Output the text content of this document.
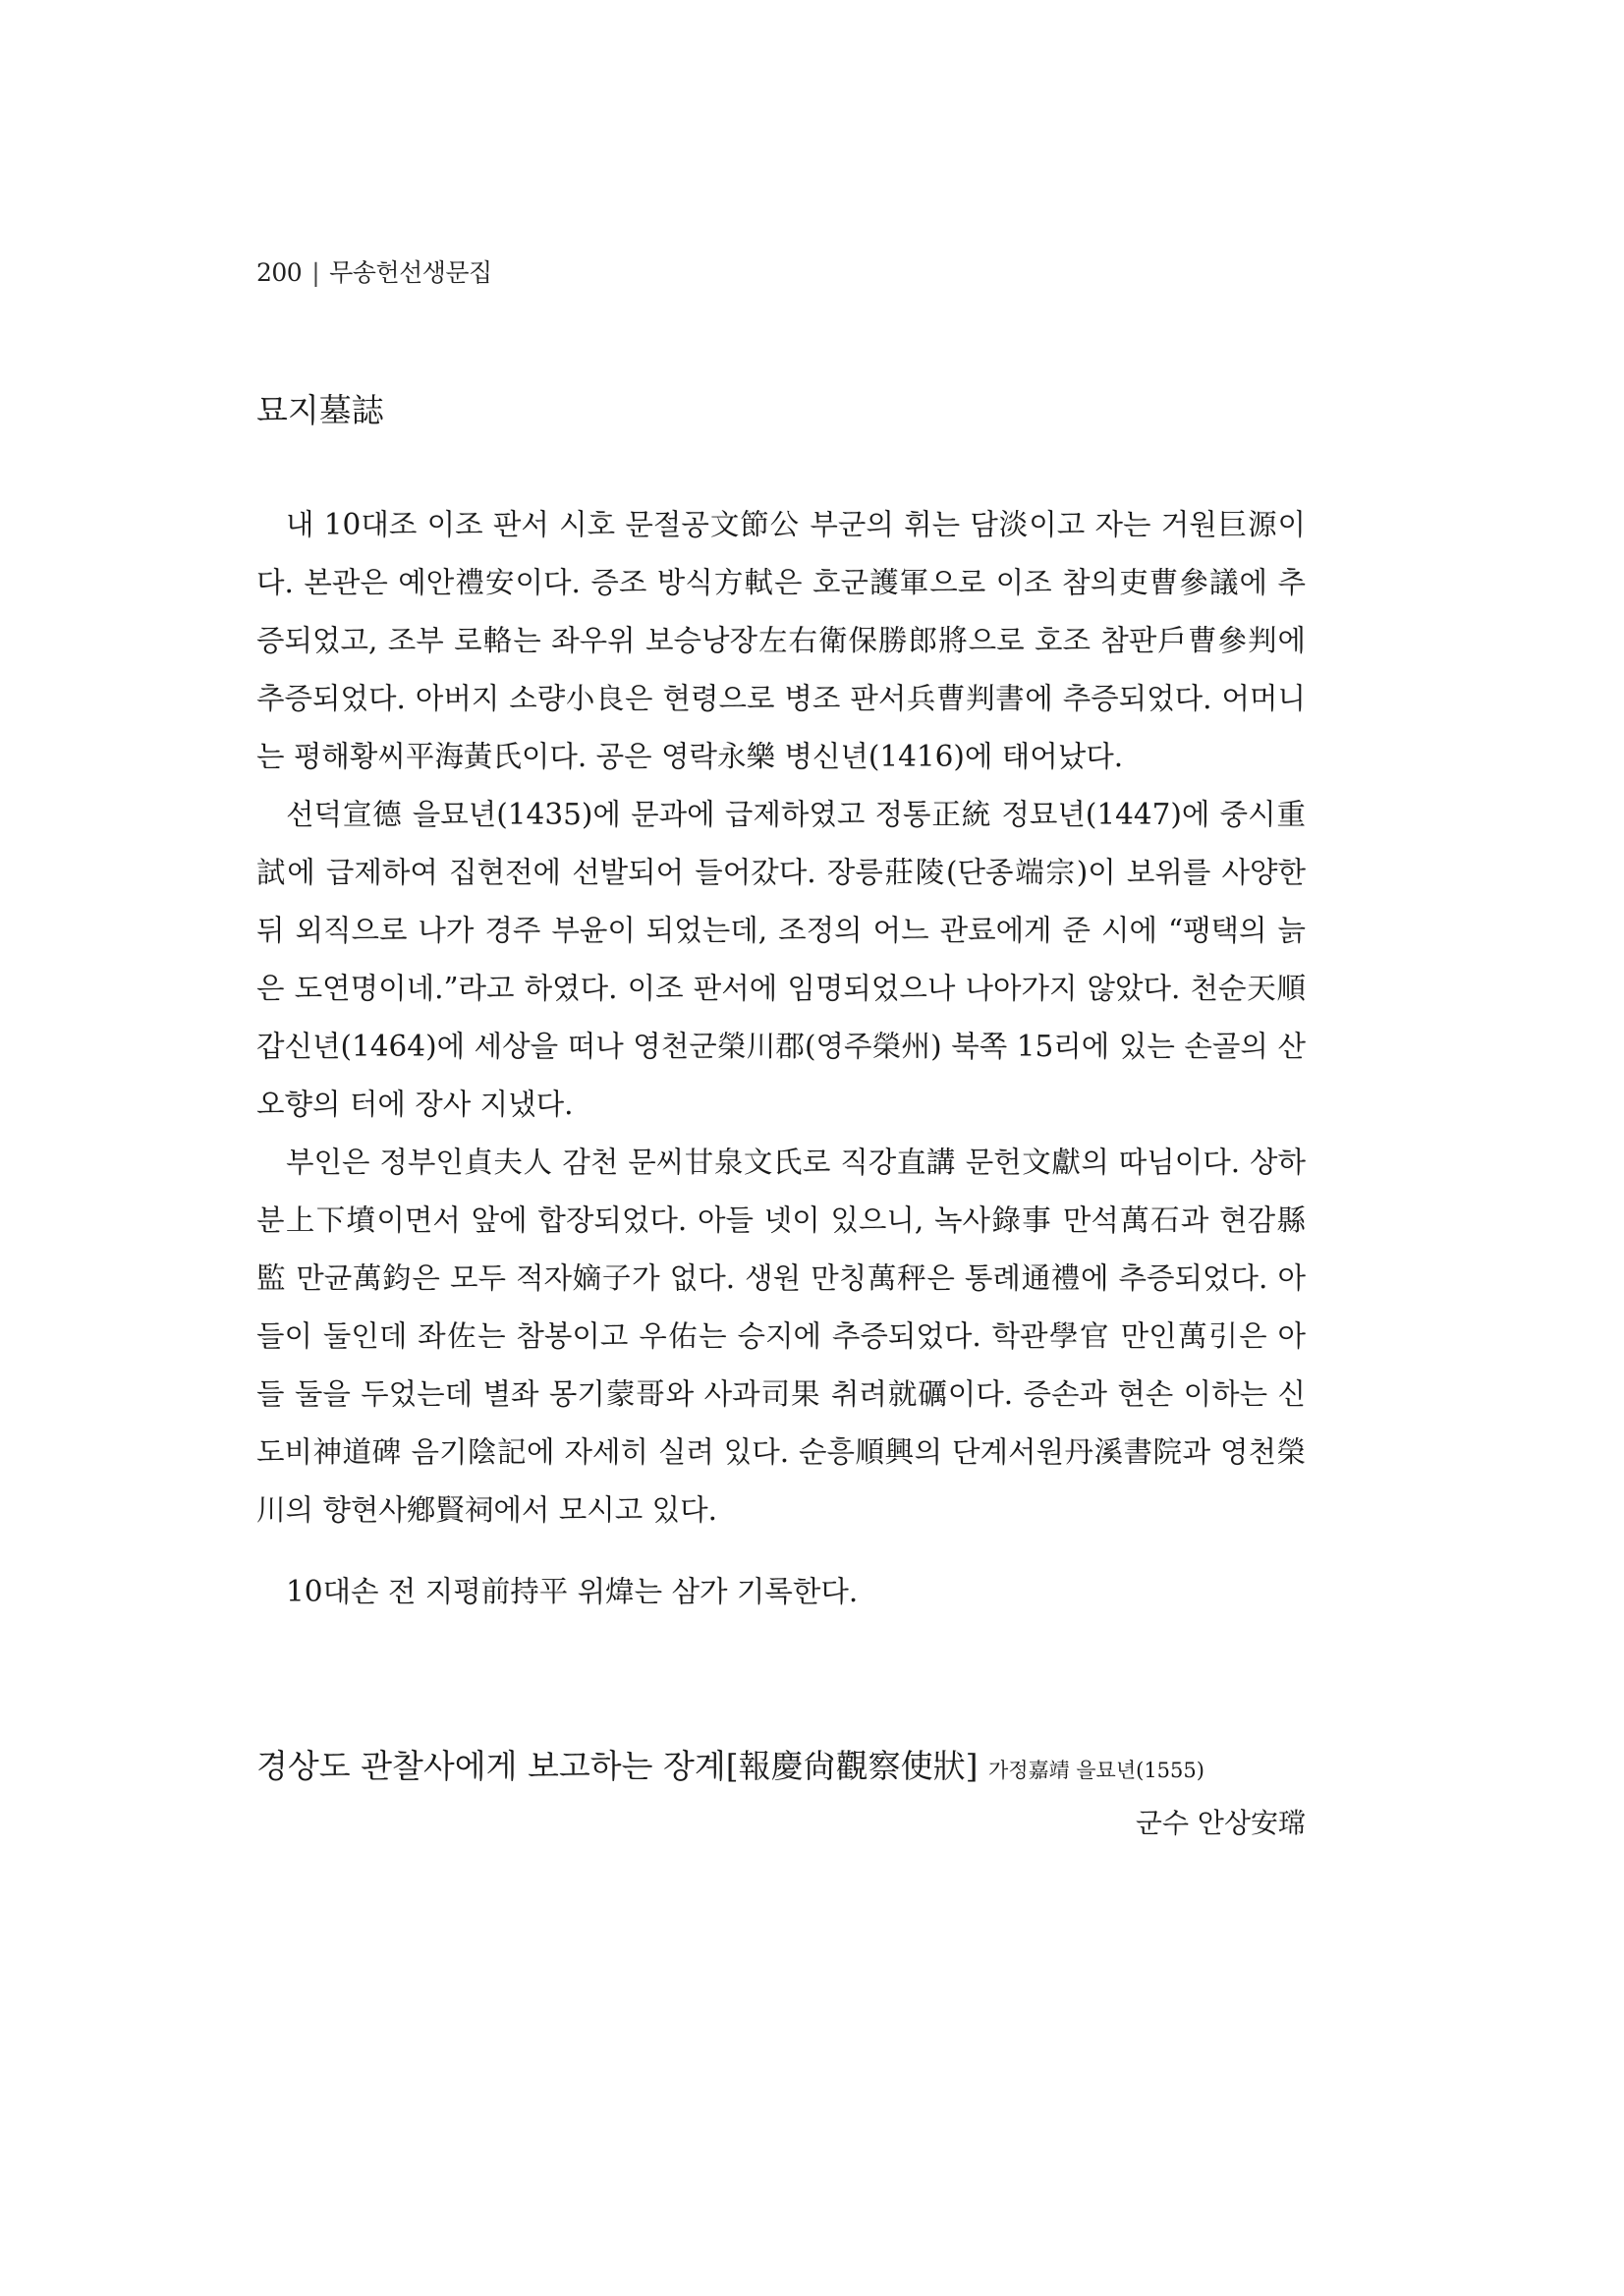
200 | 무송헌선생문집
묘지墓誌

내 10대조 이조 판서 시호 문절공文節公 부군의 휘는 담淡이고 자는 거원巨源이다. 본관은 예안禮安이다. 증조 방식方軾은 호군護軍으로 이조 참의吏曹參議에 추증되었고, 조부 로輅는 좌우위 보승낭장左右衛保勝郎將으로 호조 참판戶曹參判에 추증되었다. 아버지 소량小良은 현령으로 병조 판서兵曹判書에 추증되었다. 어머니는 평해황씨平海黃氏이다. 공은 영락永樂 병신년(1416)에 태어났다.

선덕宣德 을묘년(1435)에 문과에 급제하였고 정통正統 정묘년(1447)에 중시重試에 급제하여 집현전에 선발되어 들어갔다. 장릉莊陵(단종端宗)이 보위를 사양한 뒤 외직으로 나가 경주 부윤이 되었는데, 조정의 어느 관료에게 준 시에 “팽택의 늙은 도연명이네.”라고 하였다. 이조 판서에 임명되었으나 나아가지 않았다. 천순天順 갑신년(1464)에 세상을 떠나 영천군榮川郡(영주榮州) 북쪽 15리에 있는 손골의 산 오향의 터에 장사 지냈다.

부인은 정부인貞夫人 감천 문씨甘泉文氏로 직강直講 문헌文獻의 따님이다. 상하분上下墳이면서 앞에 합장되었다. 아들 넷이 있으니, 녹사錄事 만석萬石과 현감縣監 만균萬鈞은 모두 적자嫡子가 없다. 생원 만칭萬秤은 통례通禮에 추증되었다. 아들이 둘인데 좌佐는 참봉이고 우佑는 승지에 추증되었다. 학관學官 만인萬引은 아들 둘을 두었는데 별좌 몽기蒙哥와 사과司果 취려就礪이다. 증손과 현손 이하는 신도비神道碑 음기陰記에 자세히 실려 있다. 순흥順興의 단계서원丹溪書院과 영천榮川의 향현사鄕賢祠에서 모시고 있다.

10대손 전 지평前持平 위煒는 삼가 기록한다.
경상도 관찰사에게 보고하는 장계[報慶尙觀察使狀] 가정嘉靖 을묘년(1555)
군수 안상安瑺
